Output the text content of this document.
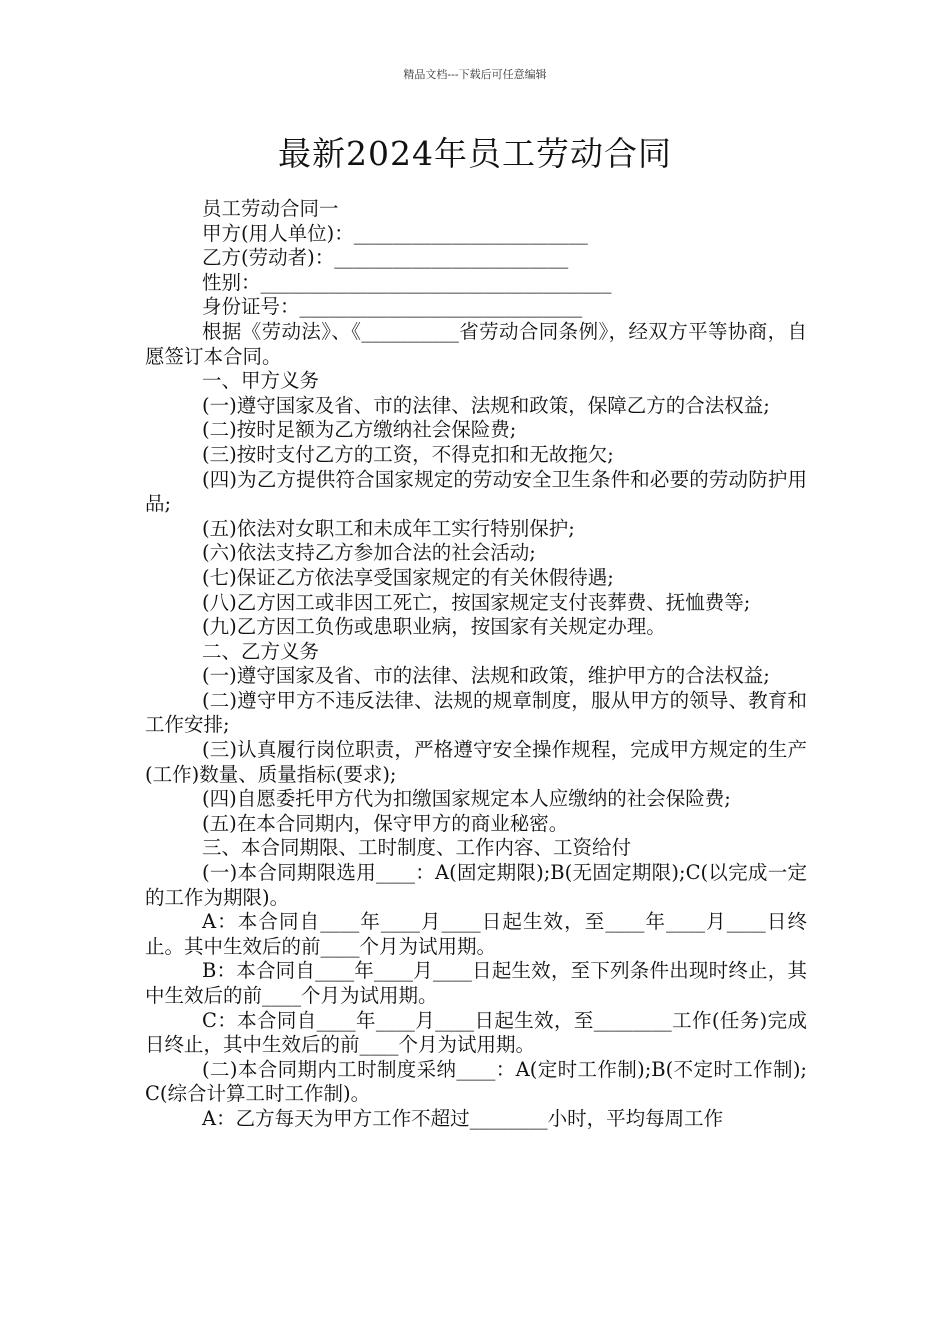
精品文档---下载后可任意编辑
最新2024年员工劳动合同

员工劳动合同一

甲方(用人单位)：________________________

乙方(劳动者)：________________________

性别：____________________________________

身份证号：_____________________________

根据《劳动法》、《__________省劳动合同条例》，经双方平等协商，自愿签订本合同。

一、甲方义务

(一)遵守国家及省、市的法律、法规和政策，保障乙方的合法权益;

(二)按时足额为乙方缴纳社会保险费;

(三)按时支付乙方的工资，不得克扣和无故拖欠;

(四)为乙方提供符合国家规定的劳动安全卫生条件和必要的劳动防护用品;

(五)依法对女职工和未成年工实行特别保护;

(六)依法支持乙方参加合法的社会活动;

(七)保证乙方依法享受国家规定的有关休假待遇;

(八)乙方因工或非因工死亡，按国家规定支付丧葬费、抚恤费等;

(九)乙方因工负伤或患职业病，按国家有关规定办理。

二、乙方义务

(一)遵守国家及省、市的法律、法规和政策，维护甲方的合法权益;

(二)遵守甲方不违反法律、法规的规章制度，服从甲方的领导、教育和工作安排;

(三)认真履行岗位职责，严格遵守安全操作规程，完成甲方规定的生产(工作)数量、质量指标(要求);

(四)自愿委托甲方代为扣缴国家规定本人应缴纳的社会保险费;

(五)在本合同期内，保守甲方的商业秘密。

三、本合同期限、工时制度、工作内容、工资给付

(一)本合同期限选用____：A(固定期限);B(无固定期限);C(以完成一定的工作为期限)。

A：本合同自____年____月____日起生效，至____年____月____日终止。其中生效后的前____个月为试用期。

B：本合同自____年____月____日起生效，至下列条件出现时终止，其中生效后的前____个月为试用期。

C：本合同自____年____月____日起生效，至________工作(任务)完成日终止，其中生效后的前____个月为试用期。

(二)本合同期内工时制度采纳____：A(定时工作制);B(不定时工作制);C(综合计算工时工作制)。

A：乙方每天为甲方工作不超过________小时，平均每周工作
